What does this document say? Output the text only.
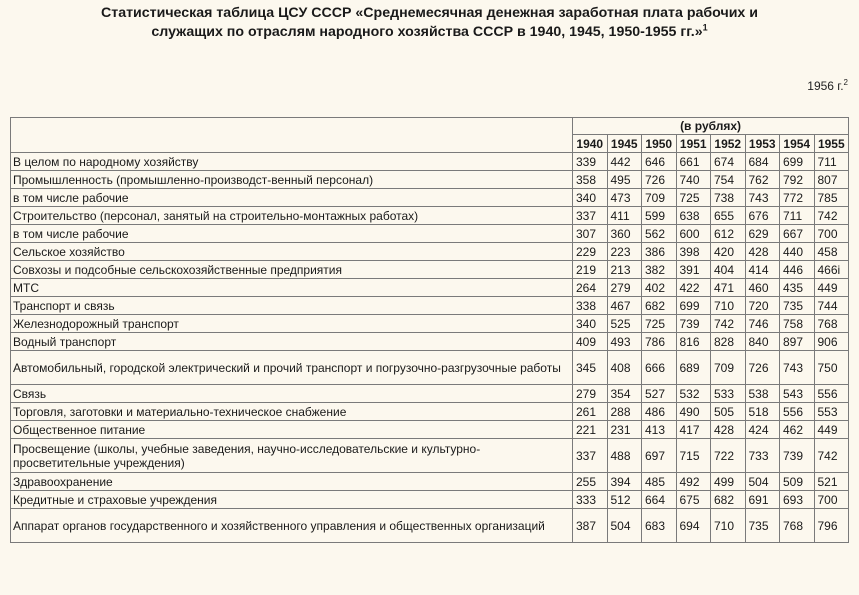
Статистическая таблица ЦСУ СССР «Среднемесячная денежная заработная плата рабочих и
служащих по отраслям народного хозяйства СССР в 1940, 1945, 1950-1955 гг.»$^1$
1956 г.$^2$
	(в рублях)							
	1940	1945	1950	1951	1952	1953	1954	1955
В целом по народному хозяйству	339	442	646	661	674	684	699	711
Промышленность (промышленно-производст-венный персонал)	358	495	726	740	754	762	792	807
в том числе рабочие	340	473	709	725	738	743	772	785
Строительство (персонал, занятый на строительно-монтажных работах)	337	411	599	638	655	676	711	742
в том числе рабочие	307	360	562	600	612	629	667	700
Сельское хозяйство	229	223	386	398	420	428	440	458
Совхозы и подсобные сельскохозяйственные предприятия	219	213	382	391	404	414	446	466i
МТС	264	279	402	422	471	460	435	449
Транспорт и связь	338	467	682	699	710	720	735	744
Железнодорожный транспорт	340	525	725	739	742	746	758	768
Водный транспорт	409	493	786	816	828	840	897	906
Автомобильный, городской электрический и прочий транспорт и погрузочно-разгрузочные работы	345	408	666	689	709	726	743	750
Связь	279	354	527	532	533	538	543	556
Торговля, заготовки и материально-техническое снабжение	261	288	486	490	505	518	556	553
Общественное питание	221	231	413	417	428	424	462	449
Просвещение (школы, учебные заведения, научно-исследовательские и культурно-просветительные учреждения)	337	488	697	715	722	733	739	742
Здравоохранение	255	394	485	492	499	504	509	521
Кредитные и страховые учреждения	333	512	664	675	682	691	693	700
Аппарат органов государственного и хозяйственного управления и общественных организаций	387	504	683	694	710	735	768	796
